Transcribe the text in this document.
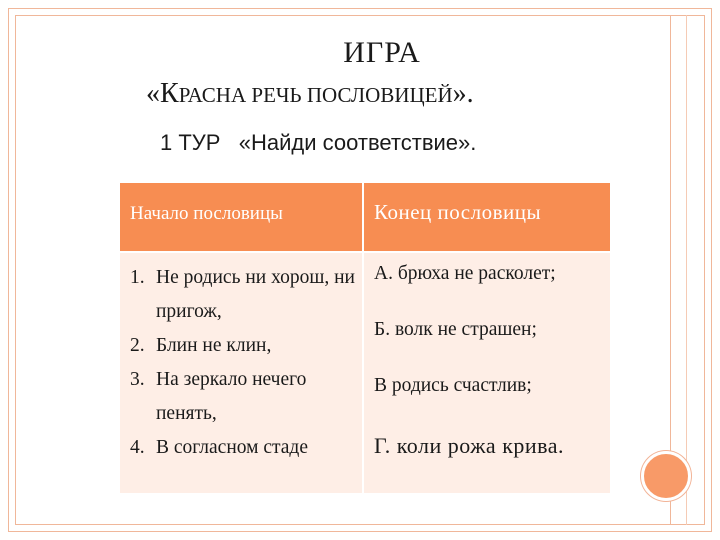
ИГРА
«КРАСНА РЕЧЬ ПОСЛОВИЦЕЙ».
1 ТУР   «Найди соответствие».
Начало пословицы	Конец пословицы
1. Не родись ни хорош, ни пригож,
2. Блин не клин,
3. На зеркало нечего пенять,
4. В согласном стаде
А. брюха не расколет;
Б. волк не страшен;
В родись счастлив;
Г. коли рожа крива.
